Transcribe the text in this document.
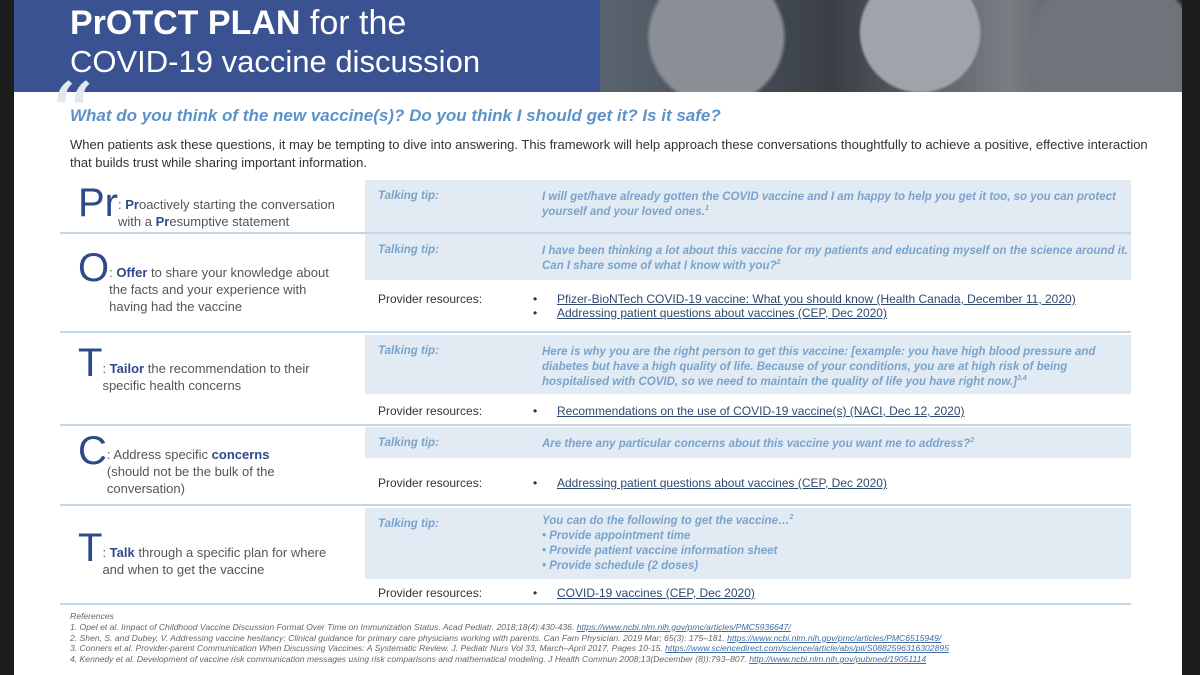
PrOTCT PLAN for the
COVID-19 vaccine discussion
“
What do you think of the new vaccine(s)? Do you think I should get it? Is it safe?
When patients ask these questions, it may be tempting to dive into answering. This framework will help approach these conversations thoughtfully to achieve a positive, effective interaction that builds trust while sharing important information.
Pr : Proactively starting the conversation
with a Presumptive statement
Talking tip:	I will get/have already gotten the COVID vaccine and I am happy to help you get it too, so you can protect yourself and your loved ones.$^1$
O : Offer to share your knowledge about the facts and your experience with having had the vaccine
Talking tip:	I have been thinking a lot about this vaccine for my patients and educating myself on the science around it. Can I share some of what I know with you?$^2$
Provider resources:	• Pfizer-BioNTech COVID-19 vaccine: What you should know (Health Canada, December 11, 2020)
• Addressing patient questions about vaccines (CEP, Dec 2020)
T : Tailor the recommendation to their specific health concerns
Talking tip:	Here is why you are the right person to get this vaccine: [example: you have high blood pressure and diabetes but have a high quality of life. Because of your conditions, you are at high risk of being hospitalised with COVID, so we need to maintain the quality of life you have right now.]$^{3,4}$
Provider resources:	• Recommendations on the use of COVID-19 vaccine(s) (NACI, Dec 12, 2020)
C : Address specific concerns (should not be the bulk of the conversation)
Talking tip:	Are there any particular concerns about this vaccine you want me to address?$^2$
Provider resources:	• Addressing patient questions about vaccines (CEP, Dec 2020)
T : Talk through a specific plan for where and when to get the vaccine
Talking tip:	You can do the following to get the vaccine…$^2$
• Provide appointment time
• Provide patient vaccine information sheet
• Provide schedule (2 doses)
Provider resources:	• COVID-19 vaccines (CEP, Dec 2020)
References
1. Opel et al. Impact of Childhood Vaccine Discussion Format Over Time on Immunization Status. Acad Pediatr. 2018;18(4):430-436. https://www.ncbi.nlm.nih.gov/pmc/articles/PMC5936647/
2. Shen, S. and Dubey, V. Addressing vaccine hesitancy: Clinical guidance for primary care physicians working with parents. Can Fam Physician. 2019 Mar; 65(3): 175–181. https://www.ncbi.nlm.nih.gov/pmc/articles/PMC6515949/
3. Conners et al. Provider-parent Communication When Discussing Vaccines: A Systematic Review. J. Pediatr Nurs Vol 33, March–April 2017, Pages 10-15. https://www.sciencedirect.com/science/article/abs/pii/S0882596316302895
4. Kennedy et al. Development of vaccine risk communication messages using risk comparisons and mathematical modeling. J Health Commun 2008;13(December (8)):793–807. http://www.ncbi.nlm.nih.gov/pubmed/19051114
